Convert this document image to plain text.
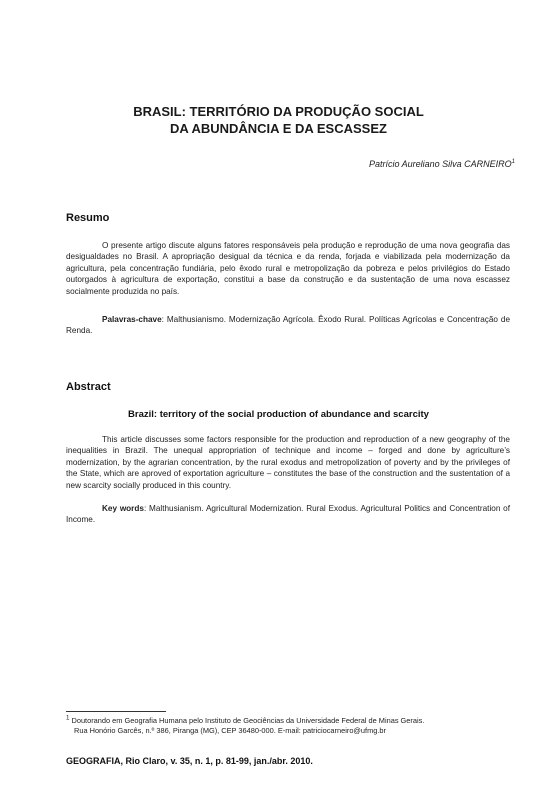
BRASIL: TERRITÓRIO DA PRODUÇÃO SOCIAL
DA ABUNDÂNCIA E DA ESCASSEZ
Patrício Aureliano Silva CARNEIRO$^1$
Resumo
O presente artigo discute alguns fatores responsáveis pela produção e reprodução de uma nova geografia das desigualdades no Brasil. A apropriação desigual da técnica e da renda, forjada e viabilizada pela modernização da agricultura, pela concentração fundiária, pelo êxodo rural e metropolização da pobreza e pelos privilégios do Estado outorgados à agricultura de exportação, constitui a base da construção e da sustentação de uma nova escassez socialmente produzida no país.
Palavras-chave: Malthusianismo. Modernização Agrícola. Êxodo Rural. Políticas Agrícolas e Concentração de Renda.
Abstract
Brazil: territory of the social production of abundance and scarcity
This article discusses some factors responsible for the production and reproduction of a new geography of the inequalities in Brazil. The unequal appropriation of technique and income – forged and done by agriculture’s modernization, by the agrarian concentration, by the rural exodus and metropolization of poverty and by the privileges of the State, which are aproved of exportation agriculture – constitutes the base of the construction and the sustentation of a new scarcity socially produced in this country.
Key words: Malthusianism. Agricultural Modernization. Rural Exodus. Agricultural Politics and Concentration of Income.
$^1$ Doutorando em Geografia Humana pelo Instituto de Geociências da Universidade Federal de Minas Gerais.
Rua Honório Garcês, n.º 386, Piranga (MG), CEP 36480-000. E-mail: patriciocarneiro@ufmg.br
GEOGRAFIA, Rio Claro, v. 35, n. 1, p. 81-99, jan./abr. 2010.
